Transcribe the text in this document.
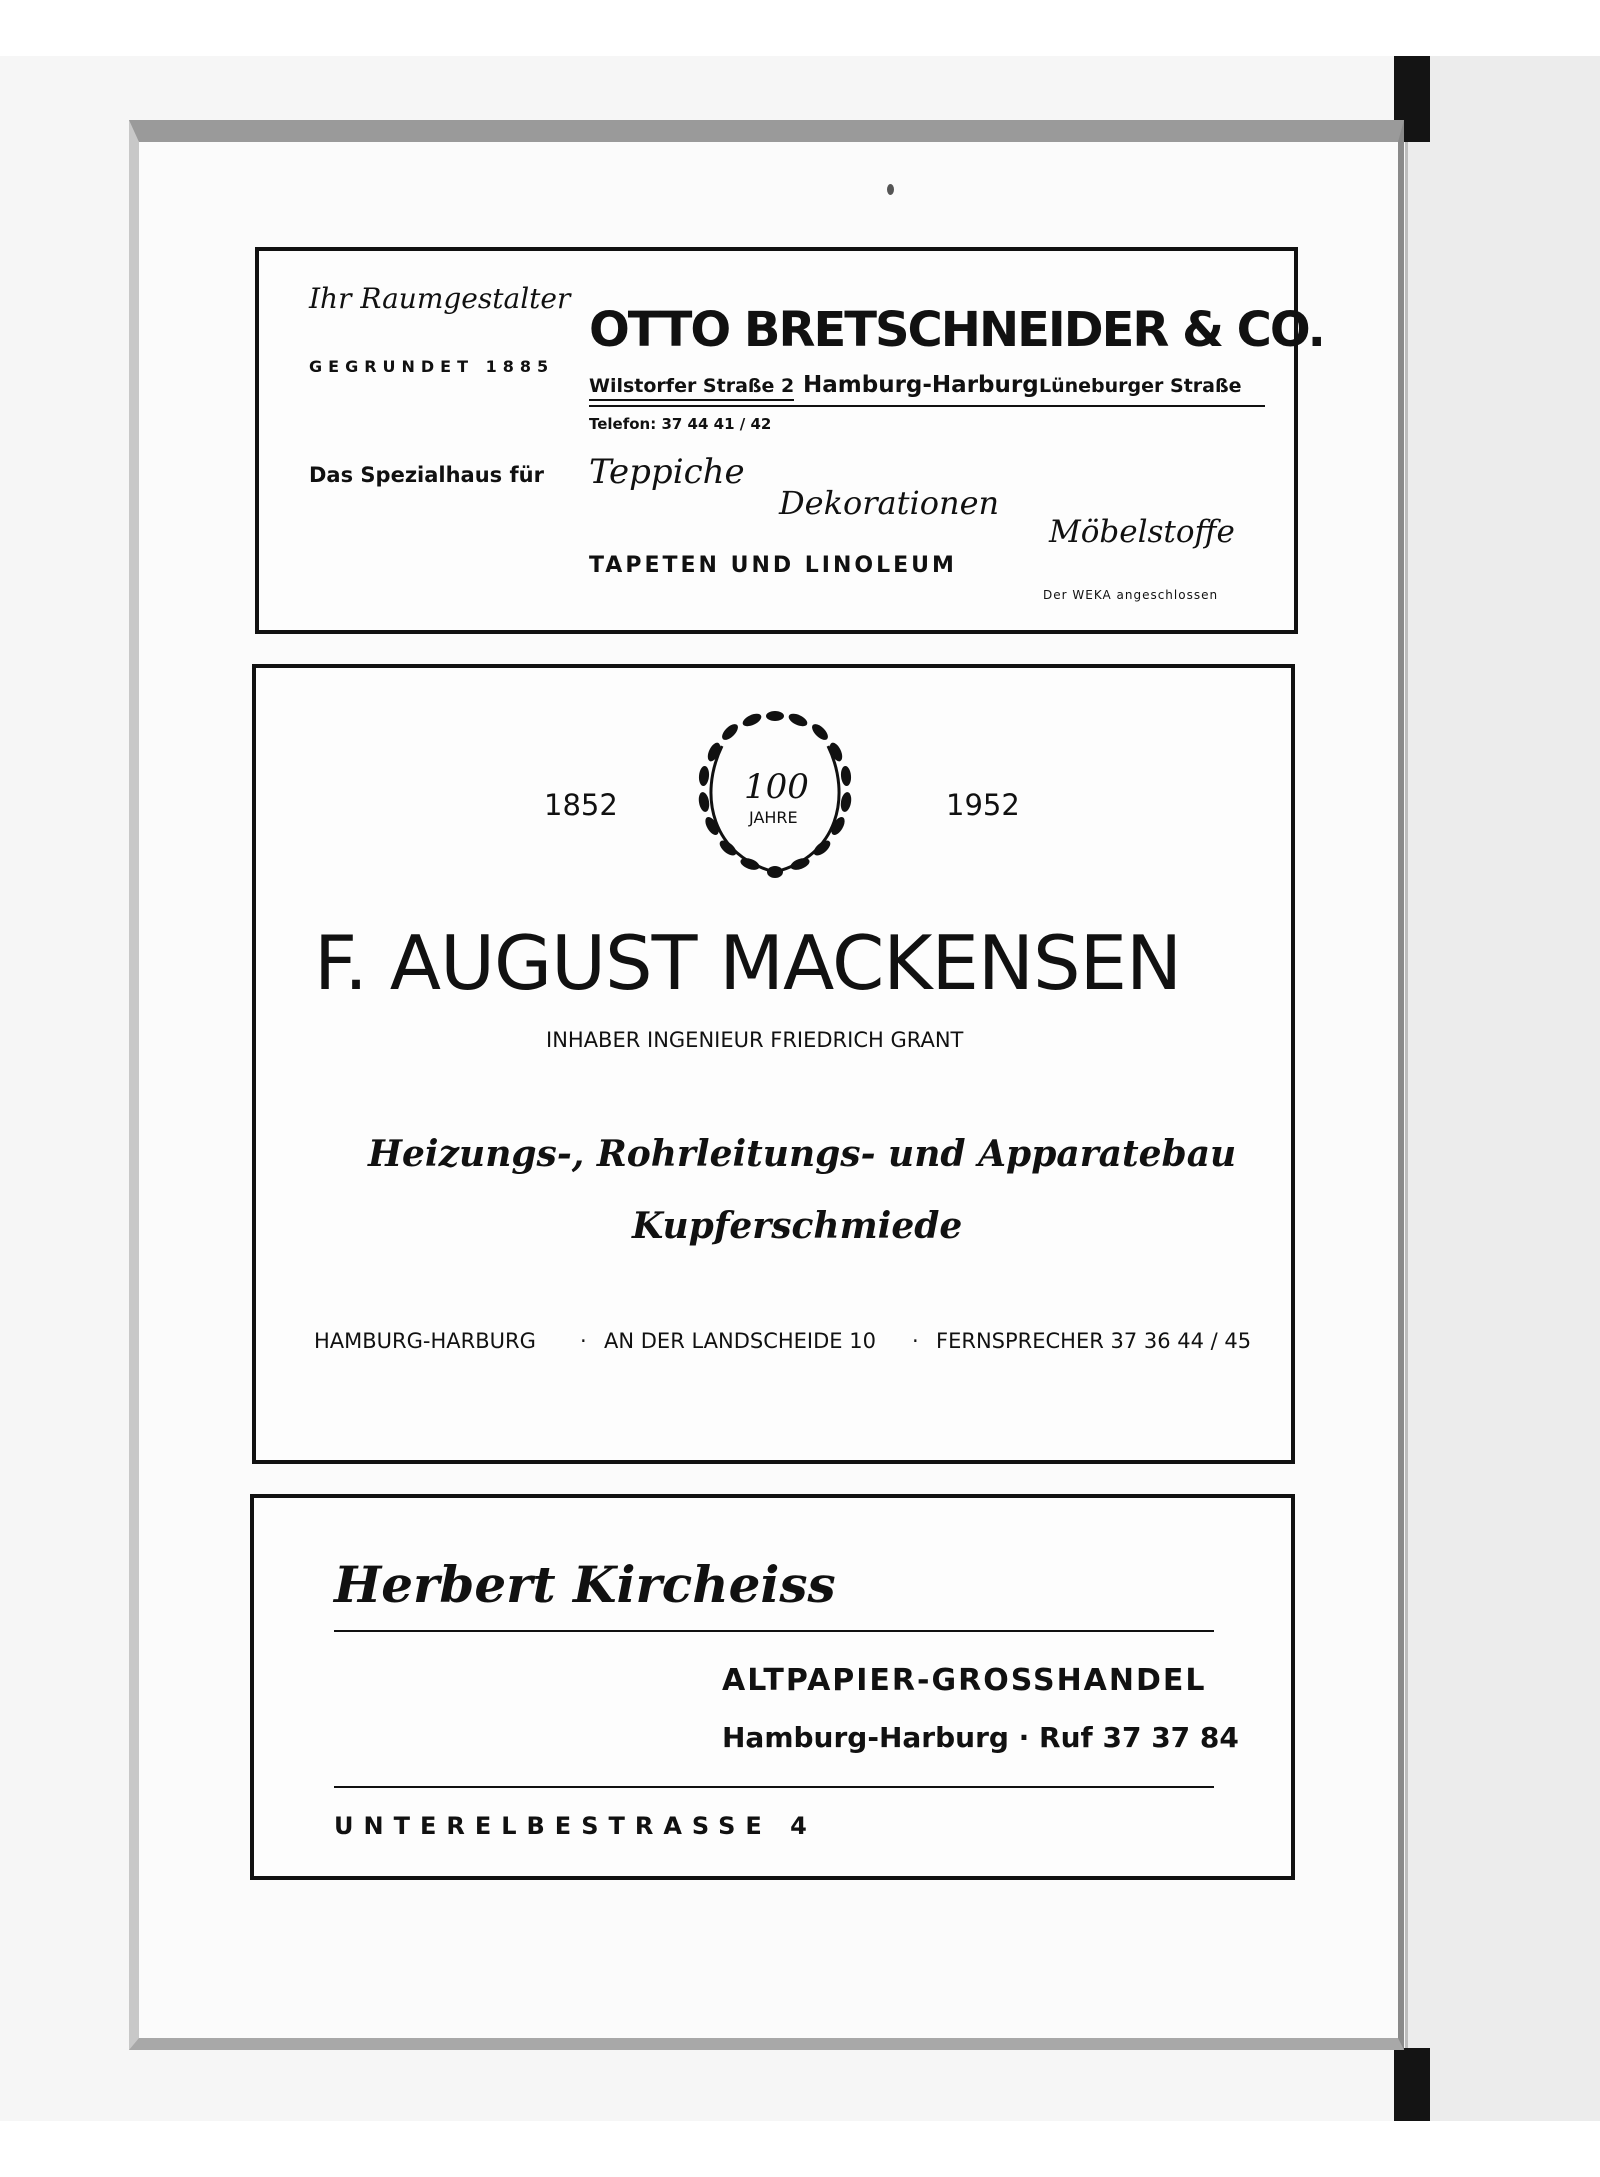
Ihr Raumgestalter
GEGRUNDET 1885
OTTO BRETSCHNEIDER & CO.
Wilstorfer Straße 2 Hamburg-Harburg Lüneburger Straße
Telefon: 37 44 41 / 42
Das Spezialhaus für Teppiche
Dekorationen
Möbelstoffe
TAPETEN UND LINOLEUM
Der WEKA angeschlossen
1852	100
JAHRE	1952
F. AUGUST MACKENSEN
INHABER INGENIEUR FRIEDRICH GRANT
Heizungs-, Rohrleitungs- und Apparatebau
Kupferschmiede
HAMBURG-HARBURG · AN DER LANDSCHEIDE 10 · FERNSPRECHER 37 36 44 / 45
Herbert Kircheiss
ALTPAPIER-GROSSHANDEL
Hamburg-Harburg · Ruf 37 37 84
UNTERELBESTRASSE 4
